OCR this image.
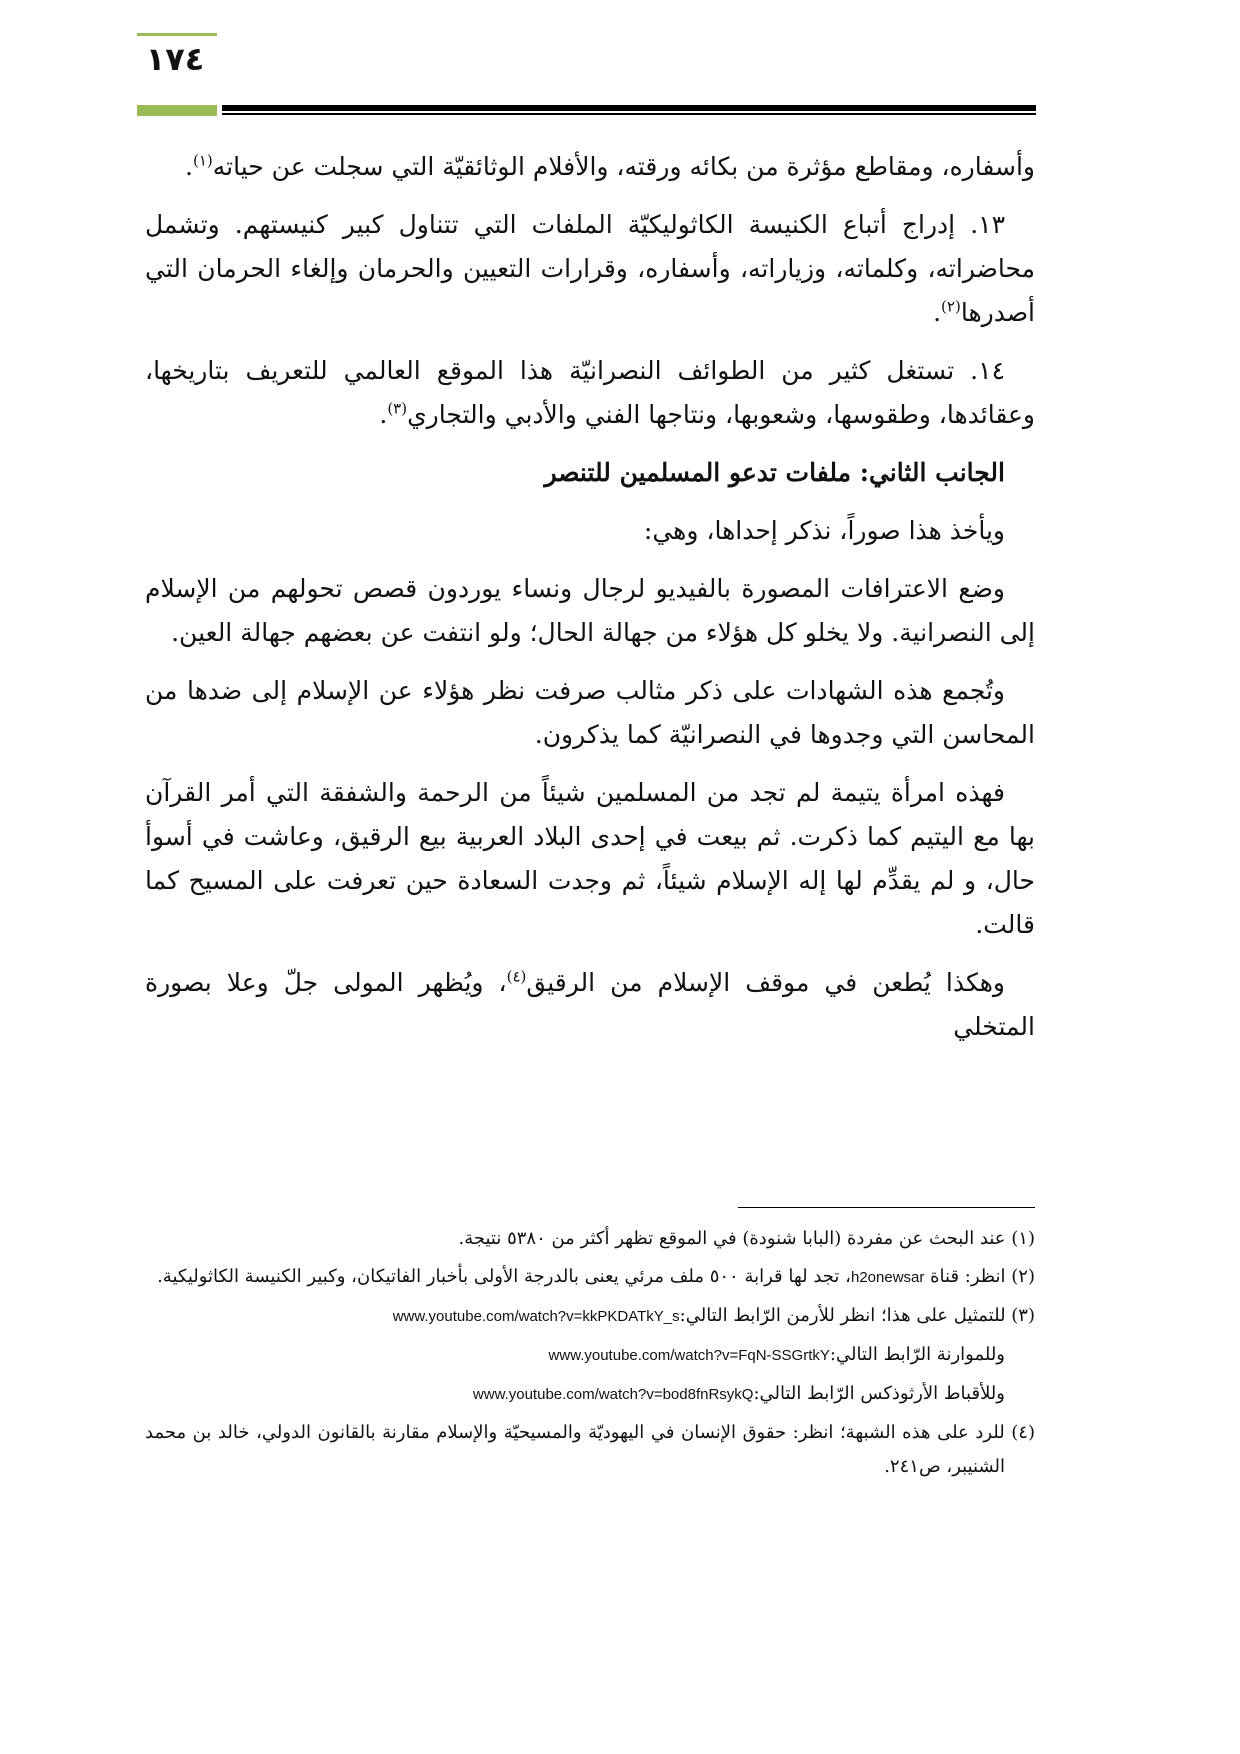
١٧٤

وأسفاره، ومقاطع مؤثرة من بكائه ورقته، والأفلام الوثائقيّة التي سجلت عن حياته$^{(١)}$.

١٣. إدراج أتباع الكنيسة الكاثوليكيّة الملفات التي تتناول كبير كنيستهم. وتشمل محاضراته، وكلماته، وزياراته، وأسفاره، وقرارات التعيين والحرمان وإلغاء الحرمان التي أصدرها$^{(٢)}$.

١٤. تستغل كثير من الطوائف النصرانيّة هذا الموقع العالمي للتعريف بتاريخها، وعقائدها، وطقوسها، وشعوبها، ونتاجها الفني والأدبي والتجاري$^{(٣)}$.

الجانب الثاني: ملفات تدعو المسلمين للتنصر

ويأخذ هذا صوراً، نذكر إحداها، وهي:

وضع الاعترافات المصورة بالفيديو لرجال ونساء يوردون قصص تحولهم من الإسلام إلى النصرانية. ولا يخلو كل هؤلاء من جهالة الحال؛ ولو انتفت عن بعضهم جهالة العين.

وتُجمع هذه الشهادات على ذكر مثالب صرفت نظر هؤلاء عن الإسلام إلى ضدها من المحاسن التي وجدوها في النصرانيّة كما يذكرون.

فهذه امرأة يتيمة لم تجد من المسلمين شيئاً من الرحمة والشفقة التي أمر القرآن بها مع اليتيم كما ذكرت. ثم بيعت في إحدى البلاد العربية بيع الرقيق، وعاشت في أسوأ حال، و لم يقدِّم لها إله الإسلام شيئاً، ثم وجدت السعادة حين تعرفت على المسيح كما قالت.

وهكذا يُطعن في موقف الإسلام من الرقيق$^{(٤)}$، ويُظهر المولى جلّ وعلا بصورة المتخلي

(١) عند البحث عن مفردة (البابا شنودة) في الموقع تظهر أكثر من ٥٣٨٠ نتيجة.

(٢) انظر: قناة h2onewsar، تجد لها قرابة ٥٠٠ ملف مرئي يعنى بالدرجة الأولى بأخبار الفاتيكان، وكبير الكنيسة الكاثوليكية.

(٣) للتمثيل على هذا؛ انظر للأرمن الرّابط التالي:www.youtube.com/watch?v=kkPKDATkY_s

وللموارنة الرّابط التالي:www.youtube.com/watch?v=FqN-SSGrtkY

وللأقباط الأرثوذكس الرّابط التالي:www.youtube.com/watch?v=bod8fnRsykQ

(٤) للرد على هذه الشبهة؛ انظر: حقوق الإنسان في اليهوديّة والمسيحيّة والإسلام مقارنة بالقانون الدولي، خالد بن محمد الشنيبر، ص٢٤١.
